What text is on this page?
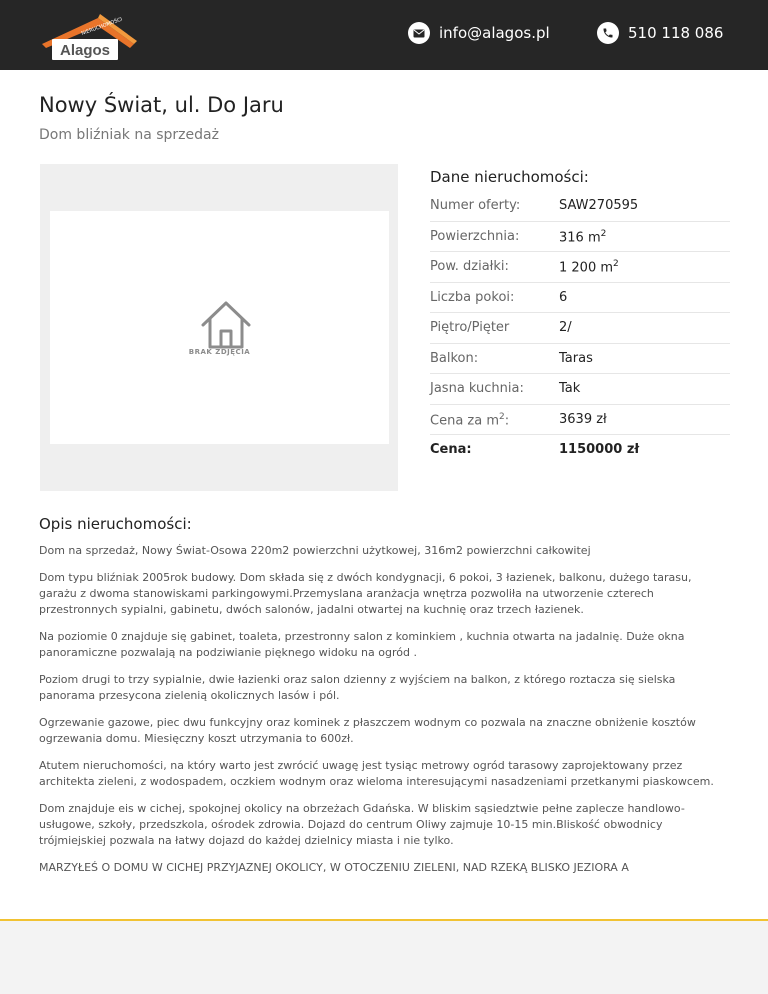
Alagos
NIERUCHOMOŚCI	info@alagos.pl	510 118 086
Nowy Świat, ul. Do Jaru

Dom bliźniak na sprzedaż

BRAK ZDJĘCIA
Dane nieruchomości:
Numer oferty:	SAW270595
Powierzchnia:	316 $m^2$
Pow. działki:	1 200 $m^2$
Liczba pokoi:	6
Piętro/Pięter	2/
Balkon:	Taras
Jasna kuchnia:	Tak
Cena za $m^2$:	3639 zł
Cena:	1150000 zł
Opis nieruchomości:

Dom na sprzedaż, Nowy Świat-Osowa 220m2 powierzchni użytkowej, 316m2 powierzchni całkowitej

Dom typu bliźniak 2005rok budowy. Dom składa się z dwóch kondygnacji, 6 pokoi, 3 łazienek, balkonu, dużego tarasu, garażu z dwoma stanowiskami parkingowymi.Przemyslana aranżacja wnętrza pozwoliła na utworzenie czterech przestronnych sypialni, gabinetu, dwóch salonów, jadalni otwartej na kuchnię oraz trzech łazienek.

Na poziomie 0 znajduje się gabinet, toaleta, przestronny salon z kominkiem , kuchnia otwarta na jadalnię. Duże okna panoramiczne pozwalają na podziwianie pięknego widoku na ogród .

Poziom drugi to trzy sypialnie, dwie łazienki oraz salon dzienny z wyjściem na balkon, z którego roztacza się sielska panorama przesycona zielenią okolicznych lasów i pól.

Ogrzewanie gazowe, piec dwu funkcyjny oraz kominek z płaszczem wodnym co pozwala na znaczne obniżenie kosztów ogrzewania domu. Miesięczny koszt utrzymania to 600zł.

Atutem nieruchomości, na który warto jest zwrócić uwagę jest tysiąc metrowy ogród tarasowy zaprojektowany przez architekta zieleni, z wodospadem, oczkiem wodnym oraz wieloma interesującymi nasadzeniami przetkanymi piaskowcem.

Dom znajduje eis w cichej, spokojnej okolicy na obrzeżach Gdańska. W bliskim sąsiedztwie pełne zaplecze handlowo-usługowe, szkoły, przedszkola, ośrodek zdrowia. Dojazd do centrum Oliwy zajmuje 10-15 min.Bliskość obwodnicy trójmiejskiej pozwala na łatwy dojazd do każdej dzielnicy miasta i nie tylko.

MARZYŁEŚ O DOMU W CICHEJ PRZYJAZNEJ OKOLICY, W OTOCZENIU ZIELENI, NAD RZEKĄ BLISKO JEZIORA A
